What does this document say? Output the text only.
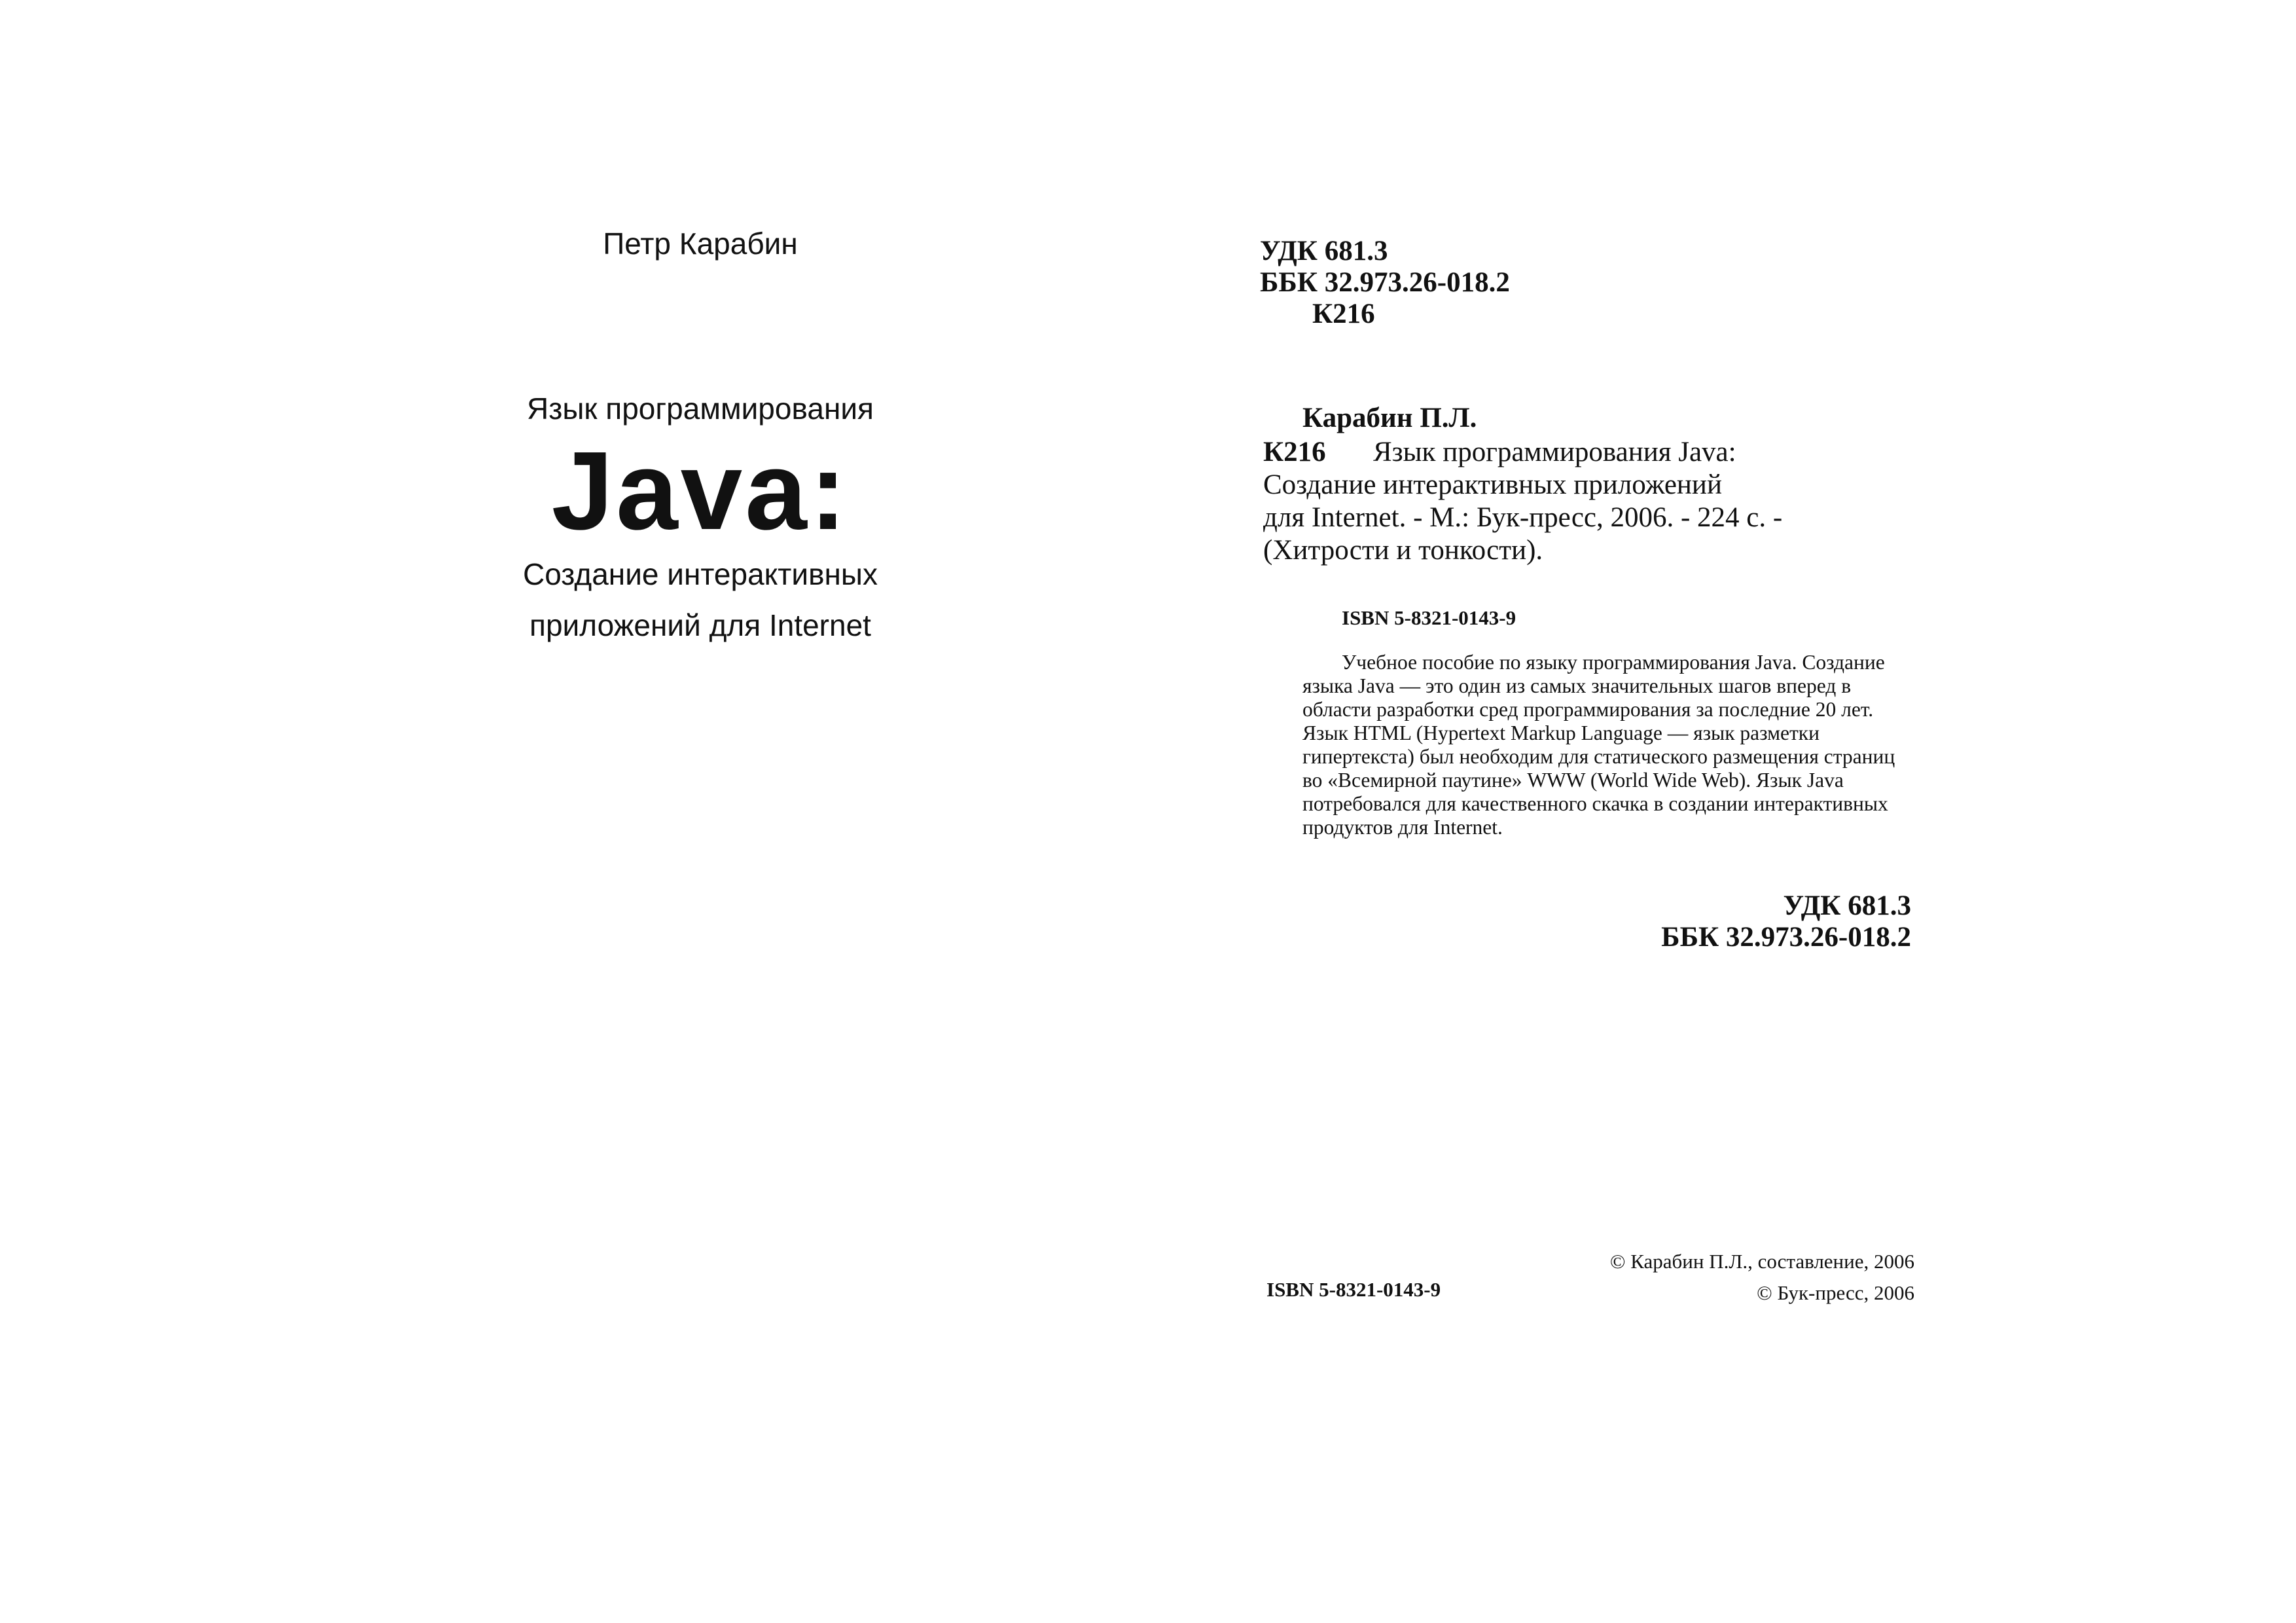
Петр Карабин
Язык программирования
Java:
Создание интерактивных
приложений для Internet
УДК 681.3
ББК 32.973.26-018.2
К216
Карабин П.Л.
К216 Язык программирования Java:
Создание интерактивных приложений
для Internet. - М.: Бук-пресс, 2006. - 224 с. -
(Хитрости и тонкости).
ISBN 5-8321-0143-9
Учебное пособие по языку программирования Java. Создание языка Java — это один из самых значительных шагов вперед в области разработки сред программирования за последние 20 лет. Язык HTML (Hypertext Markup Language — язык разметки гипертекста) был необходим для статического размещения страниц во «Всемирной паутине» WWW (World Wide Web). Язык Java потребовался для качественного скачка в создании интерактивных продуктов для Internet.
УДК 681.3
ББК 32.973.26-018.2
ISBN 5-8321-0143-9
© Карабин П.Л., составление, 2006
© Бук-пресс, 2006
